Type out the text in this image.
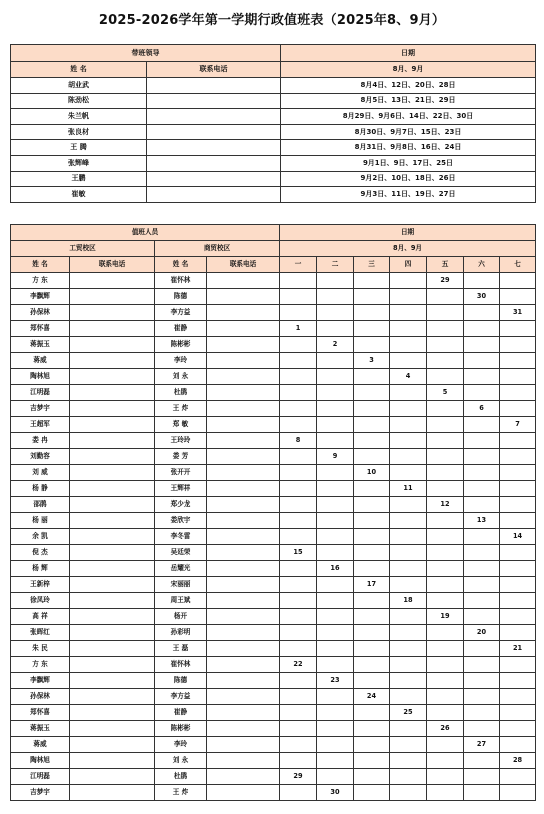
2025-2026学年第一学期行政值班表（2025年8、9月）
带班领导		日期
姓 名	联系电话	8月、9月
胡业武		8月4日、12日、20日、28日
陈劲松		8月5日、13日、21日、29日
朱兰帆		8月29日、9月6日、14日、22日、30日
张良材		8月30日、9月7日、15日、23日
王 腾		8月31日、9月8日、16日、24日
张辉峰		9月1日、9日、17日、25日
王鹏		9月2日、10日、18日、26日
崔敏		9月3日、11日、19日、27日
值班人员				日期						
工贸校区		商贸校区		8月、9月						
姓 名	联系电话	姓 名	联系电话	一	二	三	四	五	六	七
方 东		崔怀林						29		
李飘辉		陈德							30	
孙保林		李方益								31
郑怀喜		崔静		1						
蒋振玉		陈彬彬			2					
蒋威		李玲				3				
陶林旭		刘 永					4			
江明磊		杜鹃						5		
吉梦宇		王 炸							6	
王超军		郑 敏								7
娄 冉		王玲玲		8						
刘勤容		娄 芳			9					
刘 威		张开开				10				
杨 静		王辉祥					11			
邵鹃		郑少龙						12		
杨 丽		娄欣宇							13	
余 凯		李冬雷								14
倪 杰		吴廷荣		15						
杨 辉		岳耀光			16					
王新梓		宋丽丽				17				
徐凤玲		周王斌					18			
高 祥		杨开						19		
张晖红		孙彩明							20	
朱 民		王 磊								21
方 东		崔怀林		22						
李飘辉		陈德			23					
孙保林		李方益				24				
郑怀喜		崔静					25			
蒋振玉		陈彬彬						26		
蒋威		李玲							27	
陶林旭		刘 永								28
江明磊		杜鹃		29						
吉梦宇		王 炸			30					
